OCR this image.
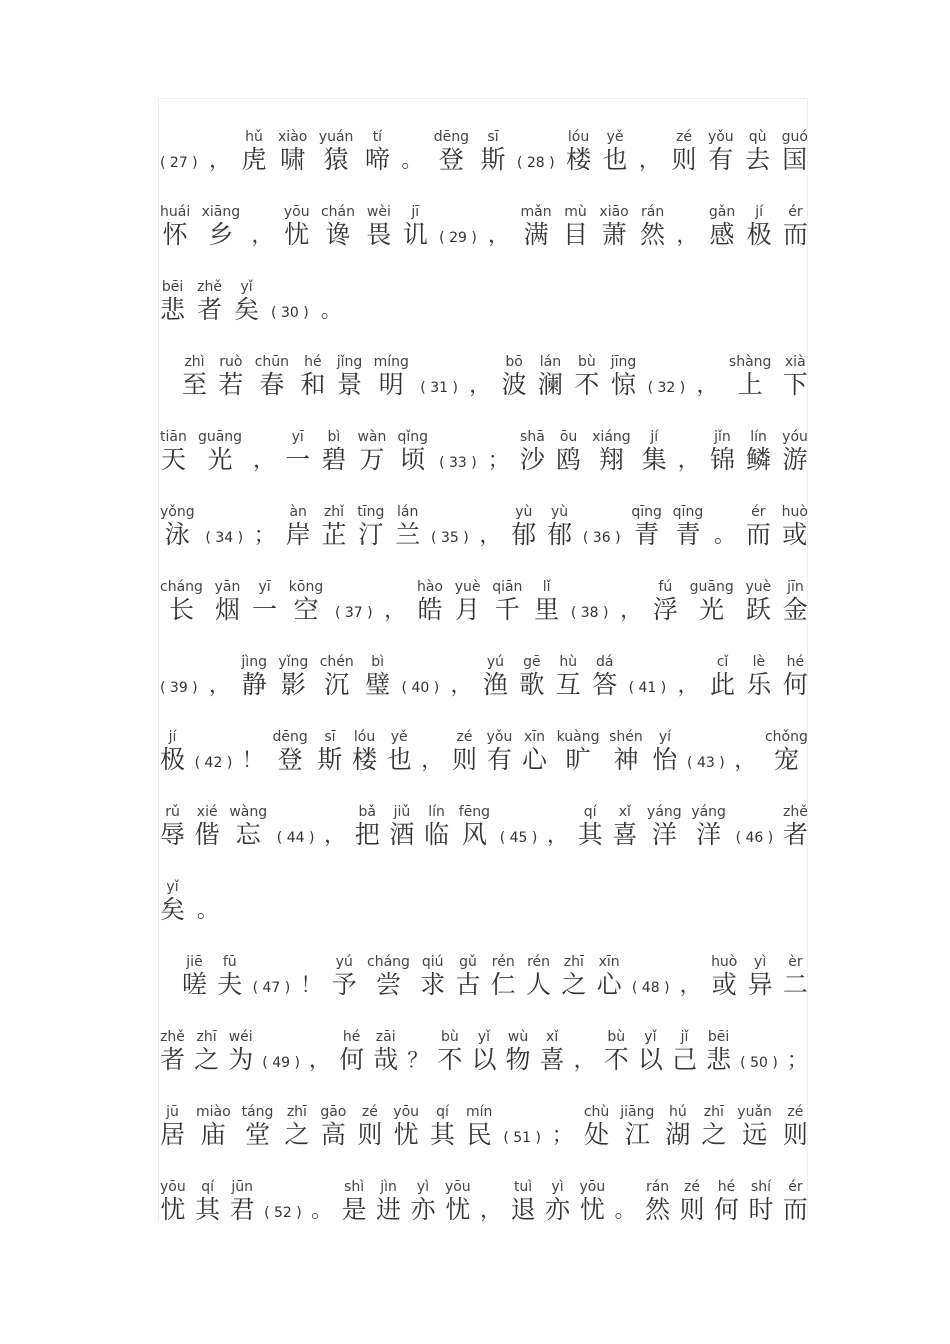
( 27 ) ，
hǔ
虎
xiào
啸
yuán
猿
tí
啼 。
dēng
登
sī
斯 ( 28 )
lóu
楼
yě
也 ，
zé
则
yǒu
有
qù
去
guó
国
huái
怀
xiāng
乡 ，
yōu
忧
chán
谗
wèi
畏
jī
讥 ( 29 ) ，
mǎn
满
mù
目
xiāo
萧
rán
然 ，
gǎn
感
jí
极
ér
而
bēi
悲
zhě
者
yǐ
矣 ( 30 ) 。
zhì
至
ruò
若
chūn
春
hé
和
jǐng
景
míng
明 ( 31 ) ，
bō
波
lán
澜
bù
不
jīng
惊 ( 32 ) ，
shàng
上
xià
下
tiān
天
guāng
光 ，
yī
一
bì
碧
wàn
万
qǐng
顷 ( 33 ) ；
shā
沙
ōu
鸥
xiáng
翔
jí
集 ，
jǐn
锦
lín
鳞
yóu
游
yǒng
泳 ( 34 ) ；
àn
岸
zhǐ
芷
tīng
汀
lán
兰 ( 35 ) ，
yù
郁
yù
郁 ( 36 )
qīng
青
qīng
青 。
ér
而
huò
或
cháng
长
yān
烟
yī
一
kōng
空 ( 37 ) ，
hào
皓
yuè
月
qiān
千
lǐ
里 ( 38 ) ，
fú
浮
guāng
光
yuè
跃
jīn
金
( 39 ) ，
jìng
静
yǐng
影
chén
沉
bì
璧 ( 40 ) ，
yú
渔
gē
歌
hù
互
dá
答 ( 41 ) ，
cǐ
此
lè
乐
hé
何
jí
极 ( 42 ) ！
dēng
登
sī
斯
lóu
楼
yě
也 ，
zé
则
yǒu
有
xīn
心
kuàng
旷
shén
神
yí
怡 ( 43 ) ，
chǒng
宠
rǔ
辱
xié
偕
wàng
忘 ( 44 ) ，
bǎ
把
jiǔ
酒
lín
临
fēng
风 ( 45 ) ，
qí
其
xǐ
喜
yáng
洋
yáng
洋 ( 46 )
zhě
者
yǐ
矣 。
jiē
嗟
fū
夫 ( 47 ) ！
yú
予
cháng
尝
qiú
求
gǔ
古
rén
仁
rén
人
zhī
之
xīn
心 ( 48 ) ，
huò
或
yì
异
èr
二
zhě
者
zhī
之
wéi
为 ( 49 ) ，
hé
何
zāi
哉 ？
bù
不
yǐ
以
wù
物
xǐ
喜 ，
bù
不
yǐ
以
jǐ
己
bēi
悲 ( 50 ) ；
jū
居
miào
庙
táng
堂
zhī
之
gāo
高
zé
则
yōu
忧
qí
其
mín
民 ( 51 ) ；
chù
处
jiāng
江
hú
湖
zhī
之
yuǎn
远
zé
则
yōu
忧
qí
其
jūn
君 ( 52 ) 。
shì
是
jìn
进
yì
亦
yōu
忧 ，
tuì
退
yì
亦
yōu
忧 。
rán
然
zé
则
hé
何
shí
时
ér
而
